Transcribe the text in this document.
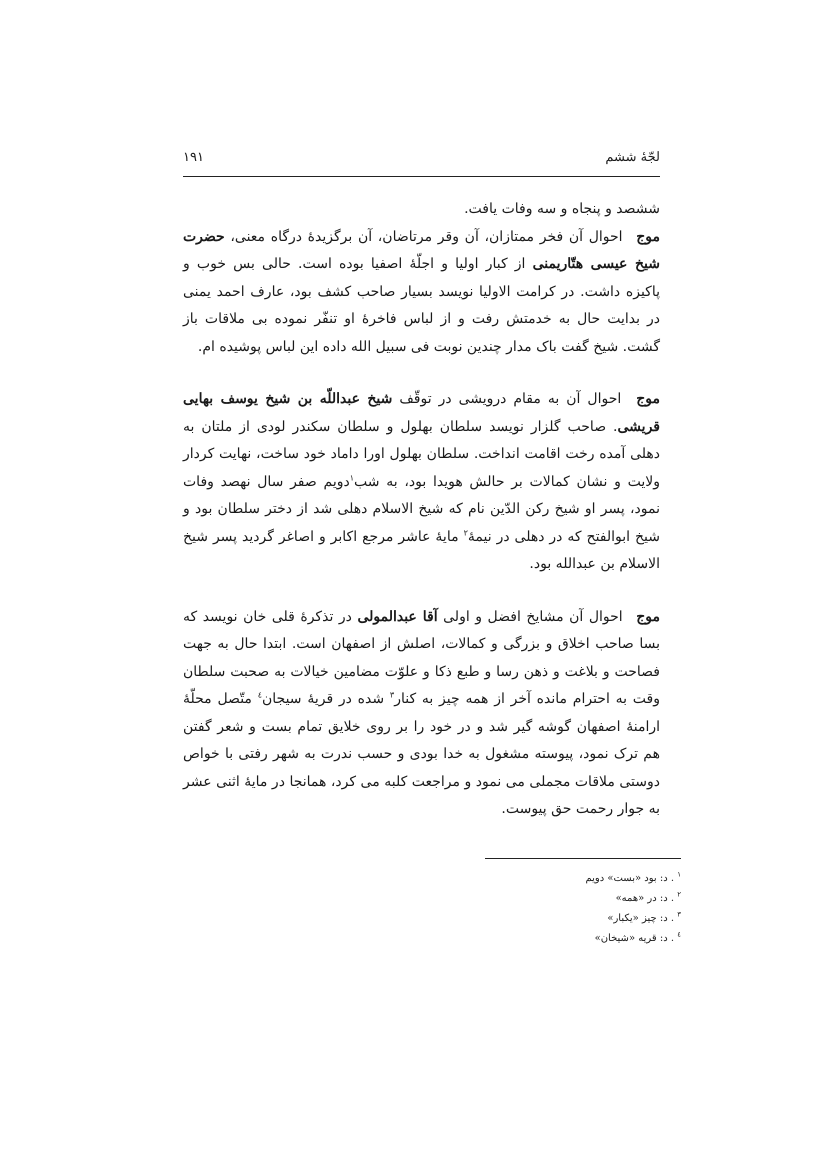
لجّهٔ ششم
١٩١

ششصد و پنجاه و سه وفات یافت.

موج احوال آن فخر ممتازان، آن وقر مرتاضان، آن برگزیدهٔ درگاه معنی، حضرت شیخ عیسی هتّاریمنی از کبار اولیا و اجلّهٔ اصفیا بوده است. حالی بس خوب و پاکیزه داشت. در کرامت الاولیا نویسد بسیار صاحب کشف بود، عارف احمد یمنی در بدایت حال به خدمتش رفت و از لباس فاخرهٔ او تنفّر نموده بی ملاقات باز گشت. شیخ گفت باک مدار چندین نوبت فی سبیل الله داده این لباس پوشیده ام.

موج احوال آن به مقام درویشی در توقّف شیخ عبداللّه بن شیخ یوسف بهایی قریشی. صاحب گلزار نویسد سلطان بهلول و سلطان سکندر لودی از ملتان به دهلی آمده رخت اقامت انداخت. سلطان بهلول اورا داماد خود ساخت، نهایت کردار ولایت و نشان کمالات بر حالش هویدا بود، به شب$^١$دویم صفر سال نهصد وفات نمود، پسر او شیخ رکن الدّین نام که شیخ الاسلام دهلی شد از دختر سلطان بود و شیخ ابوالفتح که در دهلی در نیمهٔ$^٢$ مایهٔ عاشر مرجع اکابر و اصاغر گردید پسر شیخ الاسلام بن عبدالله بود.

موج احوال آن مشایخ افضل و اولی آقا عبدالمولی در تذکرهٔ قلی خان نویسد که بسا صاحب اخلاق و بزرگی و کمالات، اصلش از اصفهان است. ابتدا حال به جهت فصاحت و بلاغت و ذهن رسا و طبع ذکا و علوّت مضامین خیالات به صحبت سلطان وقت به احترام مانده آخر از همه چیز به کنار$^٣$ شده در قریهٔ سیجان$^٤$ متّصل محلّهٔ ارامنهٔ اصفهان گوشه گیر شد و در خود را بر روی خلایق تمام بست و شعر گفتن هم ترک نمود، پیوسته مشغول به خدا بودی و حسب ندرت به شهر رفتی با خواص دوستی ملاقات مجملی می نمود و مراجعت کلبه می کرد، همانجا در مایهٔ اثنی عشر به جوار رحمت حق پیوست.

$^١$ . د: بود «بست» دویم
$^٢$ . د: در «همه»
$^٣$ . د: چیز «یکبار»
$^٤$ . د: قریه «شیخان»
